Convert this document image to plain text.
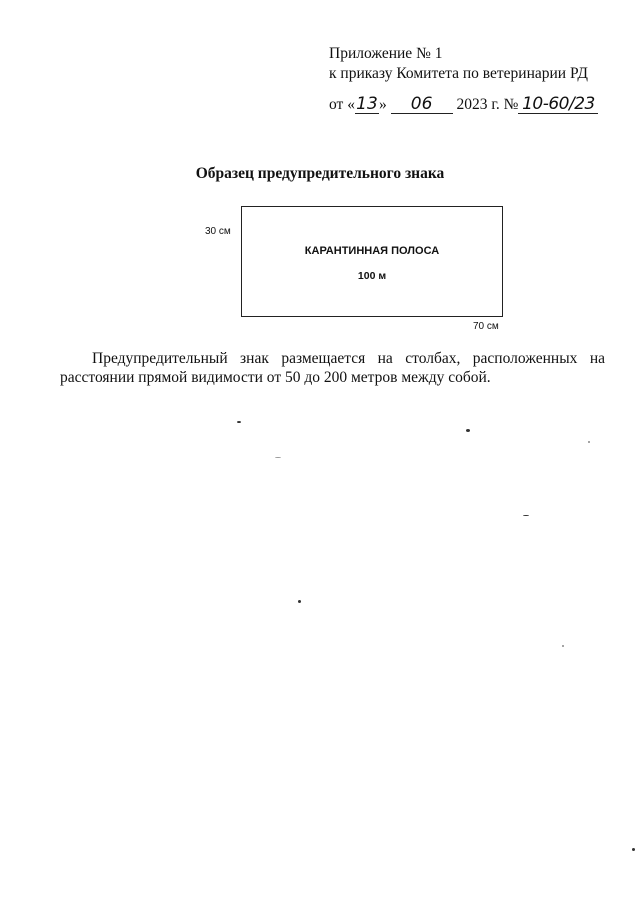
Приложение № 1
к приказу Комитета по ветеринарии РД
от «13» 06 2023 г. № 10-60/23
Образец предупредительного знака
30 см
КАРАНТИННАЯ ПОЛОСА
100 м
70 см
Предупредительный знак размещается на столбах, расположенных на расстоянии прямой видимости от 50 до 200 метров между собой.
